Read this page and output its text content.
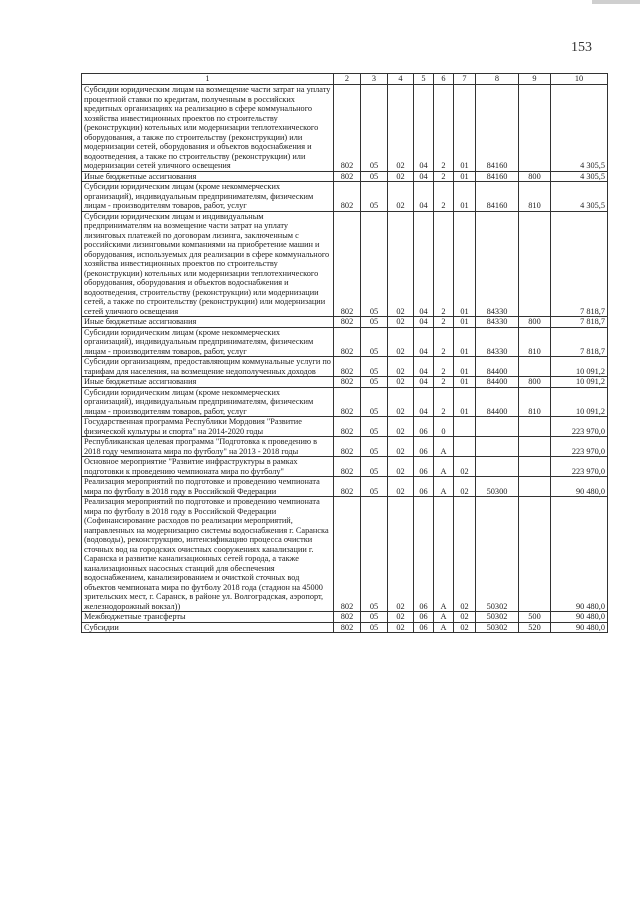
153
1	2	3	4	5	6	7	8	9	10
Субсидии юридическим лицам на возмещение части затрат на уплату процентной ставки по кредитам, полученным в российских кредитных организациях на реализацию в сфере коммунального хозяйства инвестиционных проектов по строительству (реконструкции) котельных или модернизации теплотехнического оборудования, а также по строительству (реконструкции) или модернизации сетей, оборудования и объектов водоснабжения и водоотведения, а также по строительству (реконструкции) или модернизации сетей уличного освещения	802	05	02	04	2	01	84160		4 305,5
Иные бюджетные ассигнования	802	05	02	04	2	01	84160	800	4 305,5
Субсидии юридическим лицам (кроме некоммерческих организаций), индивидуальным предпринимателям, физическим лицам - производителям товаров, работ, услуг	802	05	02	04	2	01	84160	810	4 305,5
Субсидии юридическим лицам и индивидуальным предпринимателям на возмещение части затрат на уплату лизинговых платежей по договорам лизинга, заключенным с российскими лизинговыми компаниями на приобретение машин и оборудования, используемых для реализации в сфере коммунального хозяйства инвестиционных проектов по строительству (реконструкции) котельных или модернизации теплотехнического оборудования, оборудования и объектов водоснабжения и водоотведения, строительству (реконструкции) или модернизации сетей, а также по строительству (реконструкции) или модернизации сетей уличного освещения	802	05	02	04	2	01	84330		7 818,7
Иные бюджетные ассигнования	802	05	02	04	2	01	84330	800	7 818,7
Субсидии юридическим лицам (кроме некоммерческих организаций), индивидуальным предпринимателям, физическим лицам - производителям товаров, работ, услуг	802	05	02	04	2	01	84330	810	7 818,7
Субсидии организациям, предоставляющим коммунальные услуги по тарифам для населения, на возмещение недополученных доходов	802	05	02	04	2	01	84400		10 091,2
Иные бюджетные ассигнования	802	05	02	04	2	01	84400	800	10 091,2
Субсидии юридическим лицам (кроме некоммерческих организаций), индивидуальным предпринимателям, физическим лицам - производителям товаров, работ, услуг	802	05	02	04	2	01	84400	810	10 091,2
Государственная программа Республики Мордовия "Развитие физической культуры и спорта" на 2014-2020 годы	802	05	02	06	0				223 970,0
Республиканская целевая программа "Подготовка к проведению в 2018 году чемпионата мира по футболу" на 2013 - 2018 годы	802	05	02	06	А				223 970,0
Основное мероприятие "Развитие инфраструктуры в рамках подготовки к проведению чемпионата мира по футболу"	802	05	02	06	А	02			223 970,0
Реализация мероприятий по подготовке и проведению чемпионата мира по футболу в 2018 году в Российской Федерации	802	05	02	06	А	02	50300		90 480,0
Реализация мероприятий по подготовке и проведению чемпионата мира по футболу в 2018 году в Российской Федерации (Софинансирование расходов по реализации мероприятий, направленных на модернизацию системы водоснабжения г. Саранска (водоводы), реконструкцию, интенсификацию процесса очистки сточных вод на городских очистных сооружениях канализации г. Саранска и развитие канализационных сетей города, а также канализационных насосных станций для обеспечения водоснабжением, канализированием и очисткой сточных вод объектов чемпионата мира по футболу 2018 года (стадион на 45000 зрительских мест, г. Саранск, в районе ул. Волгоградская, аэропорт, железнодорожный вокзал))	802	05	02	06	А	02	50302		90 480,0
Межбюджетные трансферты	802	05	02	06	А	02	50302	500	90 480,0
Субсидии	802	05	02	06	А	02	50302	520	90 480,0
